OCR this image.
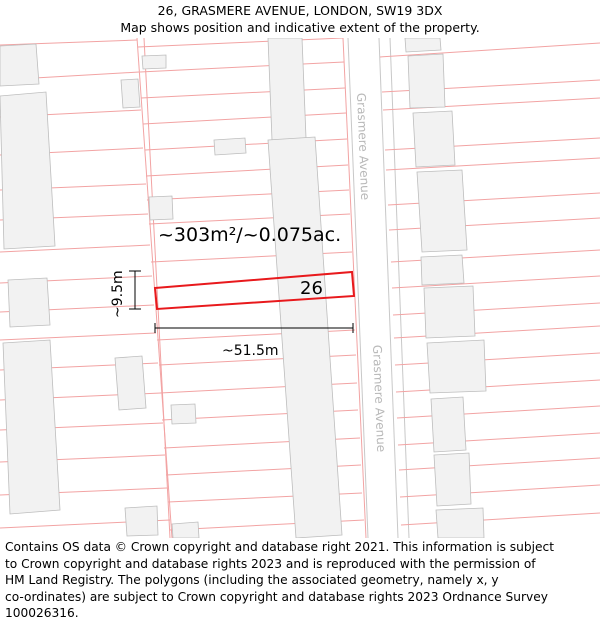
26, GRASMERE AVENUE, LONDON, SW19 3DX
Map shows position and indicative extent of the property.
Grasmere Avenue
Grasmere Avenue
~303m²/~0.075ac.
26
~9.5m
~51.5m
Contains OS data © Crown copyright and database right 2021. This information is subject
to Crown copyright and database rights 2023 and is reproduced with the permission of
HM Land Registry. The polygons (including the associated geometry, namely x, y
co-ordinates) are subject to Crown copyright and database rights 2023 Ordnance Survey
100026316.
